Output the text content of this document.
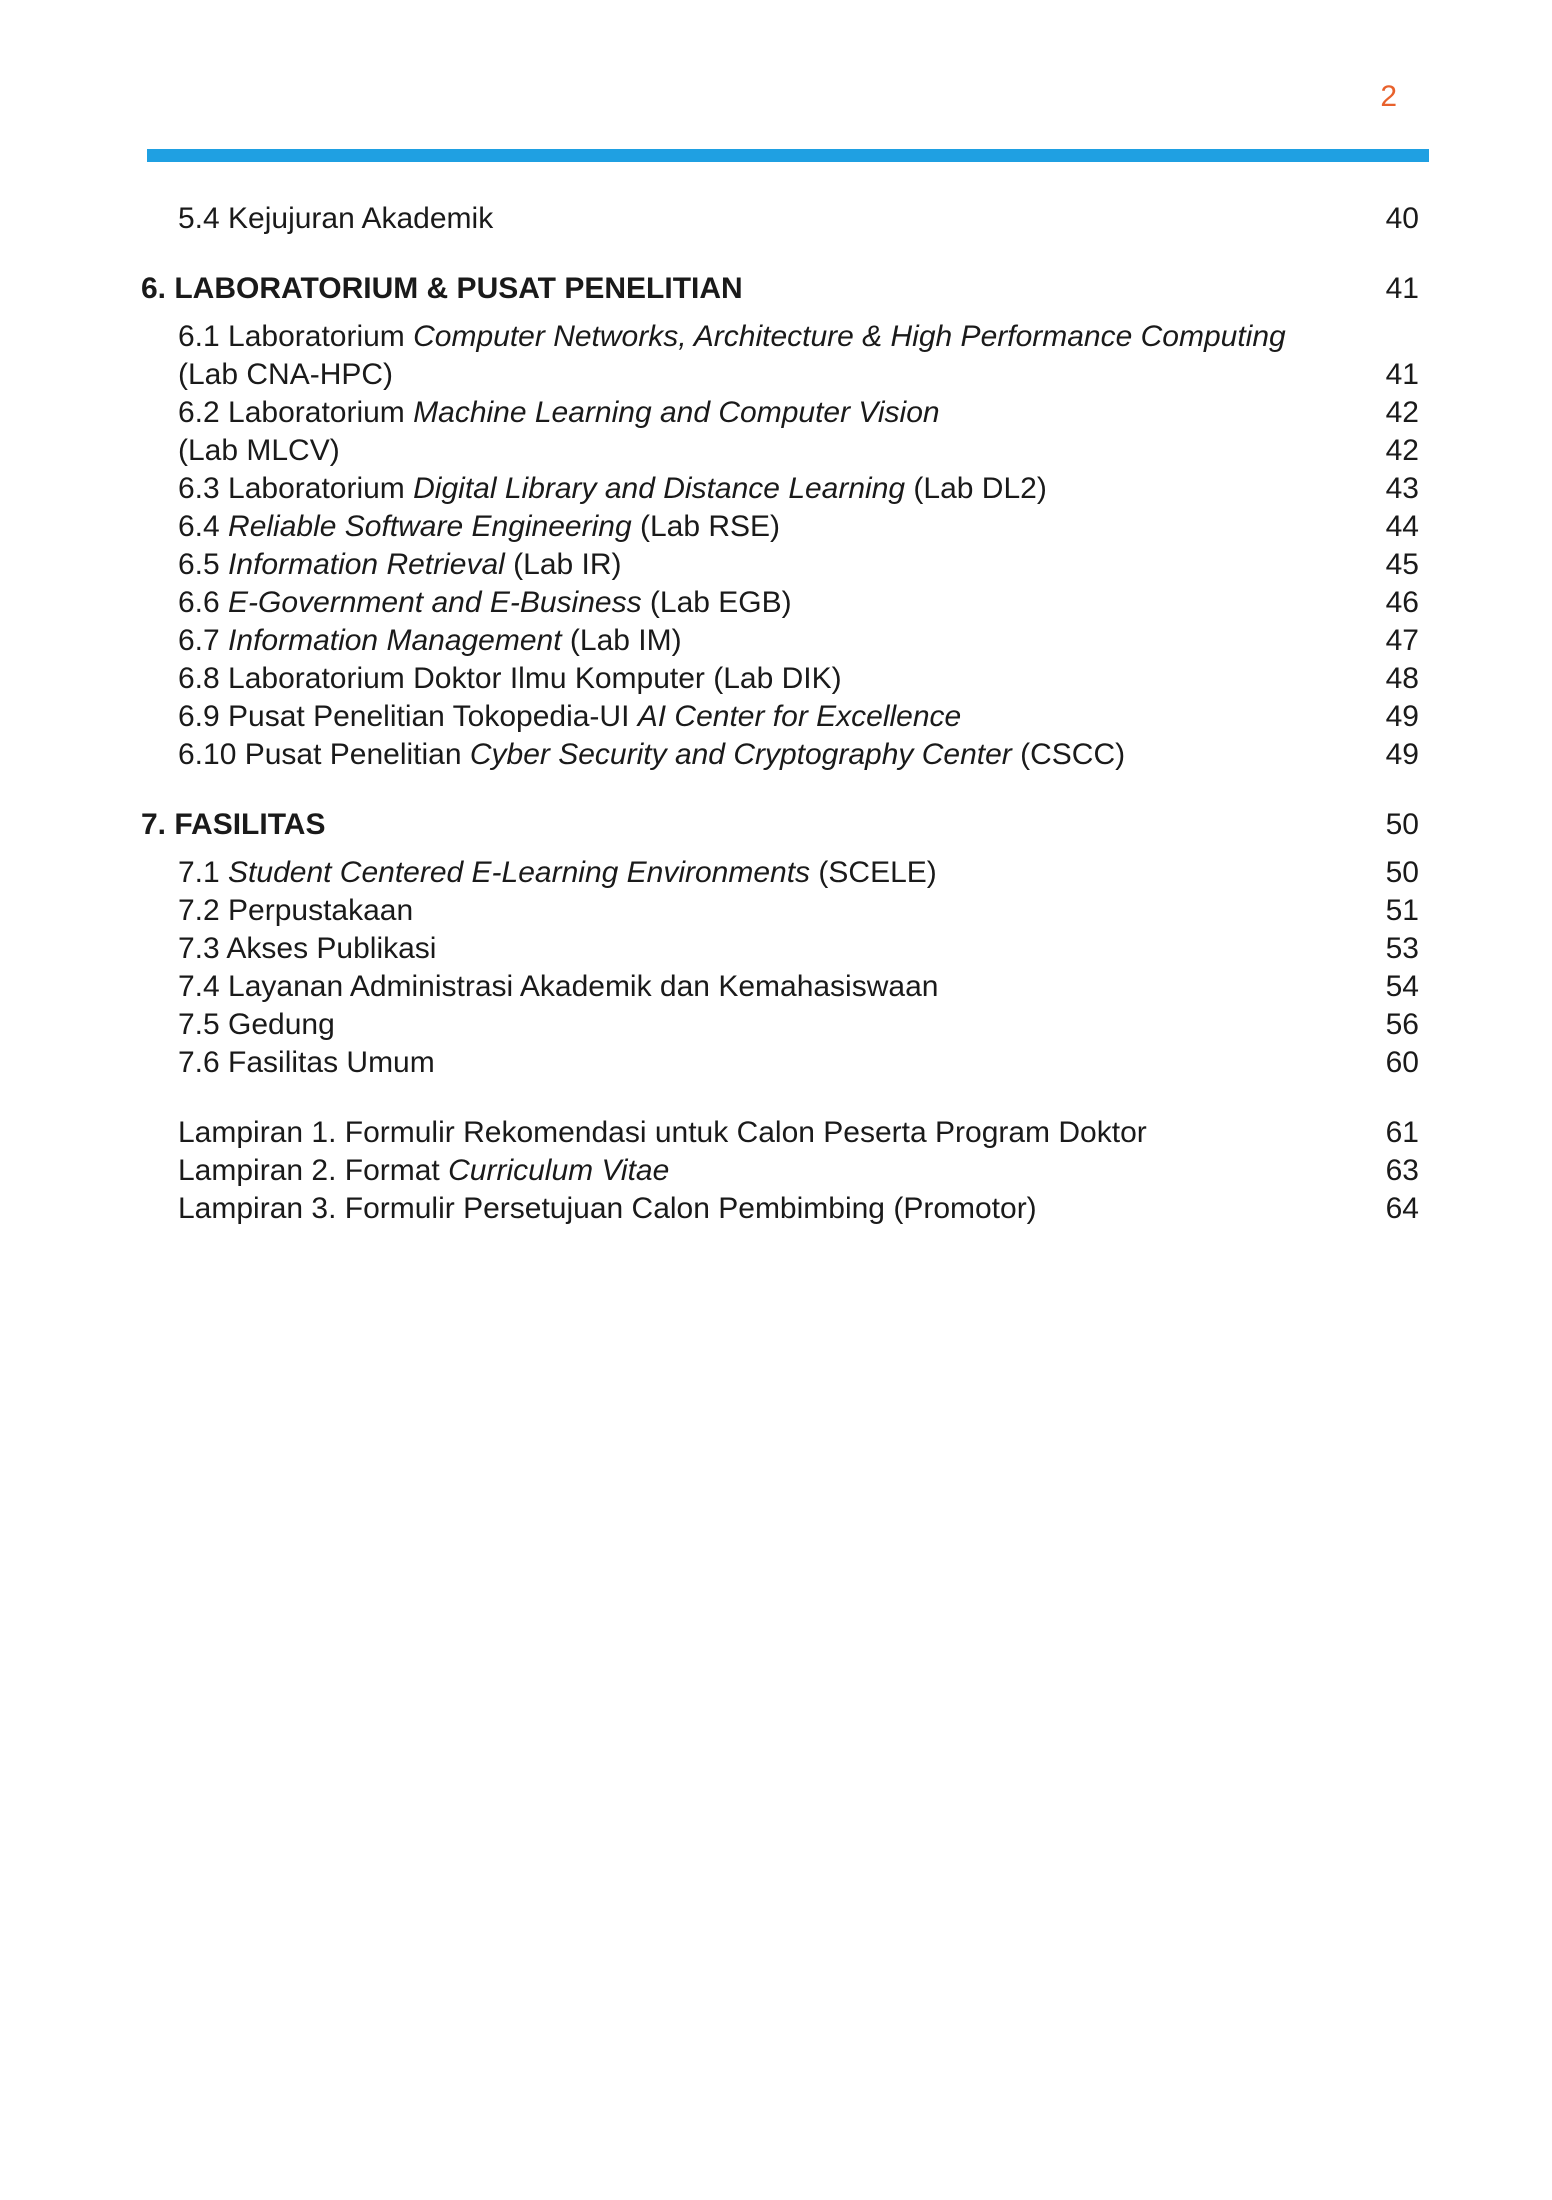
2
5.4 Kejujuran Akademik	40
6. LABORATORIUM & PUSAT PENELITIAN	41
6.1 Laboratorium Computer Networks, Architecture & High Performance Computing
(Lab CNA-HPC)	41
6.2 Laboratorium Machine Learning and Computer Vision	42
(Lab MLCV)	42
6.3 Laboratorium Digital Library and Distance Learning (Lab DL2)	43
6.4 Reliable Software Engineering (Lab RSE)	44
6.5 Information Retrieval (Lab IR)	45
6.6 E-Government and E-Business (Lab EGB)	46
6.7 Information Management (Lab IM)	47
6.8 Laboratorium Doktor Ilmu Komputer (Lab DIK)	48
6.9 Pusat Penelitian Tokopedia-UI AI Center for Excellence	49
6.10 Pusat Penelitian Cyber Security and Cryptography Center (CSCC)	49
7. FASILITAS	50
7.1 Student Centered E-Learning Environments (SCELE)	50
7.2 Perpustakaan	51
7.3 Akses Publikasi	53
7.4 Layanan Administrasi Akademik dan Kemahasiswaan	54
7.5 Gedung	56
7.6 Fasilitas Umum	60
Lampiran 1. Formulir Rekomendasi untuk Calon Peserta Program Doktor	61
Lampiran 2. Format Curriculum Vitae	63
Lampiran 3. Formulir Persetujuan Calon Pembimbing (Promotor)	64
